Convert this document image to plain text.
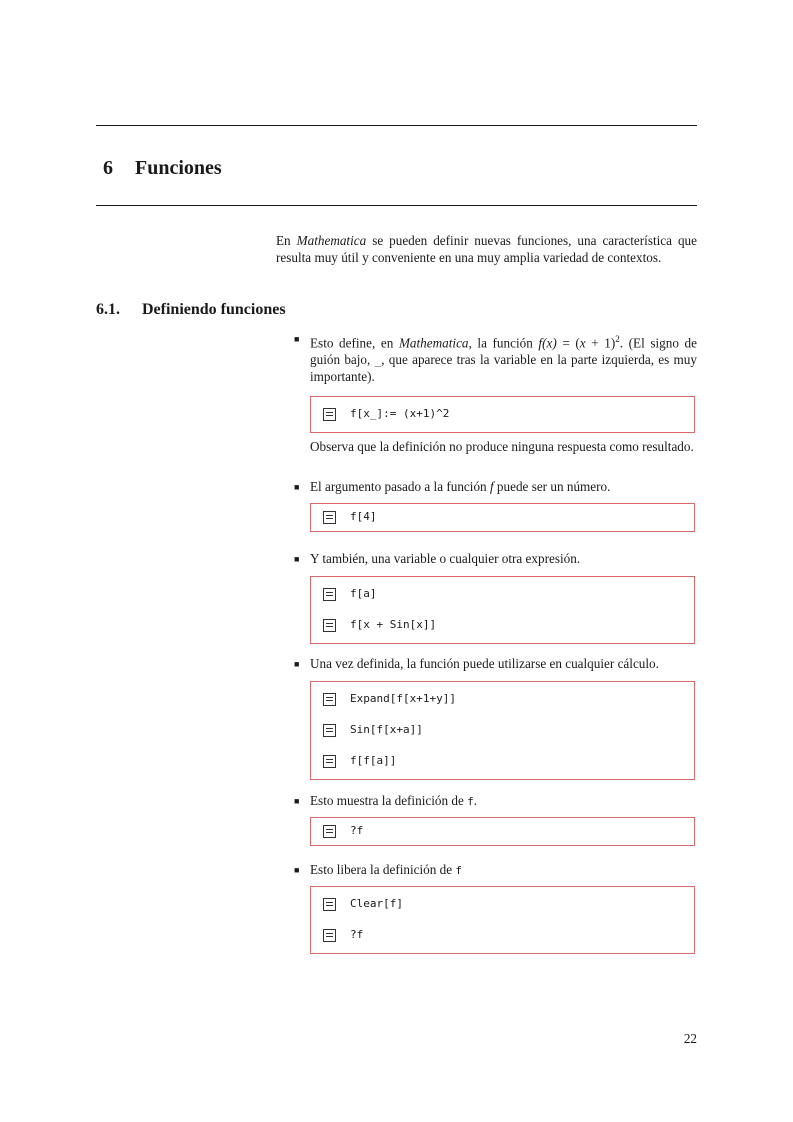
6 Funciones

En Mathematica se pueden definir nuevas funciones, una característica que resulta muy útil y conveniente en una muy amplia variedad de contextos.

6.1. Definiendo funciones
■ Esto define, en Mathematica, la función $f(x) = (x + 1)^2$. (El signo de guión bajo, _, que aparece tras la variable en la parte izquierda, es muy importante).

f[x_]:= (x+1)^2

Observa que la definición no produce ninguna respuesta como resultado.

■ El argumento pasado a la función f puede ser un número.

f[4]
■ Y también, una variable o cualquier otra expresión.

f[a]
f[x + Sin[x]]
■ Una vez definida, la función puede utilizarse en cualquier cálculo.

Expand[f[x+1+y]]
Sin[f[x+a]]
f[f[a]]
■ Esto muestra la definición de f.

?f
■ Esto libera la definición de f

Clear[f]
?f
22
